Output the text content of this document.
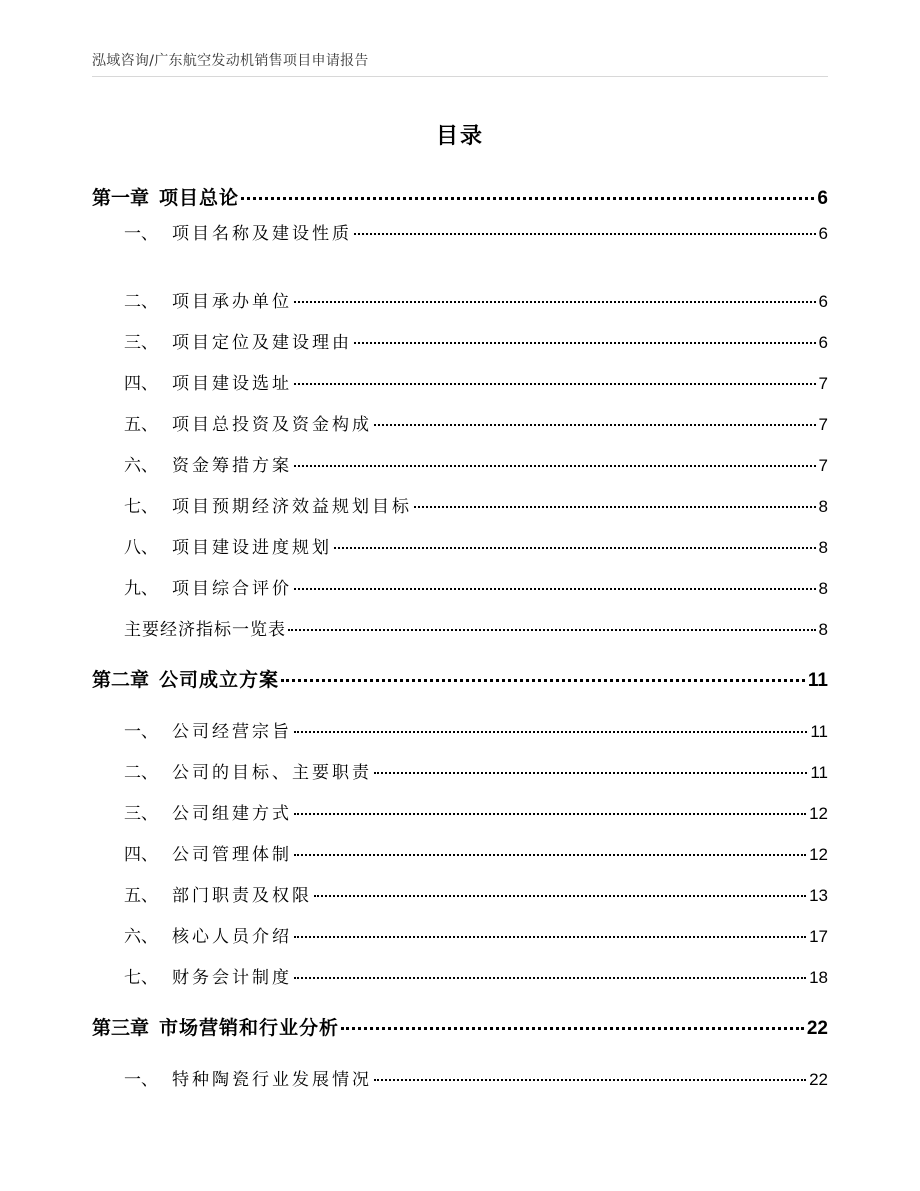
泓域咨询/广东航空发动机销售项目申请报告
目录
第一章 项目总论	6
一、 项目名称及建设性质	6
二、 项目承办单位	6
三、 项目定位及建设理由	6
四、 项目建设选址	7
五、 项目总投资及资金构成	7
六、 资金筹措方案	7
七、 项目预期经济效益规划目标	8
八、 项目建设进度规划	8
九、 项目综合评价	8
主要经济指标一览表	8
第二章 公司成立方案	11
一、 公司经营宗旨	11
二、 公司的目标、主要职责	11
三、 公司组建方式	12
四、 公司管理体制	12
五、 部门职责及权限	13
六、 核心人员介绍	17
七、 财务会计制度	18
第三章 市场营销和行业分析	22
一、 特种陶瓷行业发展情况	22
